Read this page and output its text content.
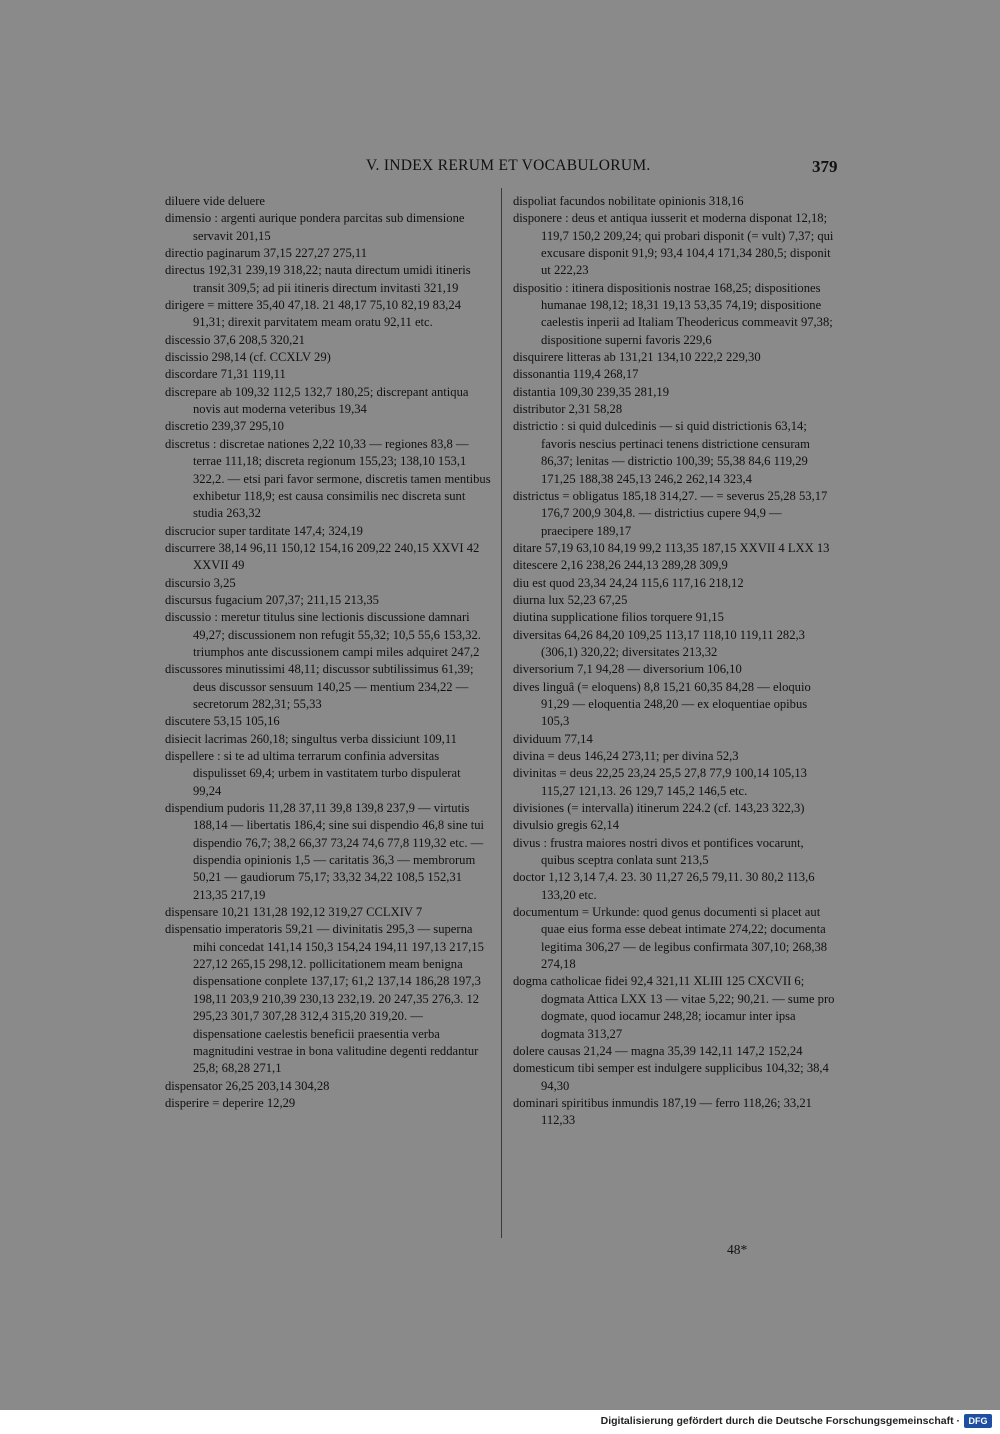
V. INDEX RERUM ET VOCABULORUM.	379
diluere vide deluere
dimensio : argenti aurique pondera parcitas sub dimensione servavit 201,15
directio paginarum 37,15 227,27 275,11
directus 192,31 239,19 318,22; nauta directum umidi itineris transit 309,5; ad pii itineris directum invitasti 321,19
dirigere = mittere 35,40 47,18. 21 48,17 75,10 82,19 83,24 91,31; direxit parvitatem meam oratu 92,11 etc.
discessio 37,6 208,5 320,21
discissio 298,14 (cf. CCXLV 29)
discordare 71,31 119,11
discrepare ab 109,32 112,5 132,7 180,25; discrepant antiqua novis aut moderna veteribus 19,34
discretio 239,37 295,10
discretus : discretae nationes 2,22 10,33 — regiones 83,8 — terrae 111,18; discreta regionum 155,23; 138,10 153,1 322,2. — etsi pari favor sermone, discretis tamen mentibus exhibetur 118,9; est causa consimilis nec discreta sunt studia 263,32
discrucior super tarditate 147,4; 324,19
discurrere 38,14 96,11 150,12 154,16 209,22 240,15 XXVI 42 XXVII 49
discursio 3,25
discursus fugacium 207,37; 211,15 213,35
discussio : meretur titulus sine lectionis discussione damnari 49,27; discussionem non refugit 55,32; 10,5 55,6 153,32. triumphos ante discussionem campi miles adquiret 247,2
discussores minutissimi 48,11; discussor subtilissimus 61,39; deus discussor sensuum 140,25 — mentium 234,22 — secretorum 282,31; 55,33
discutere 53,15 105,16
disiecit lacrimas 260,18; singultus verba dissiciunt 109,11
dispellere : si te ad ultima terrarum confinia adversitas dispulisset 69,4; urbem in vastitatem turbo dispulerat 99,24
dispendium pudoris 11,28 37,11 39,8 139,8 237,9 — virtutis 188,14 — libertatis 186,4; sine sui dispendio 46,8 sine tui dispendio 76,7; 38,2 66,37 73,24 74,6 77,8 119,32 etc. — dispendia opinionis 1,5 — caritatis 36,3 — membrorum 50,21 — gaudiorum 75,17; 33,32 34,22 108,5 152,31 213,35 217,19
dispensare 10,21 131,28 192,12 319,27 CCLXIV 7
dispensatio imperatoris 59,21 — divinitatis 295,3 — superna mihi concedat 141,14 150,3 154,24 194,11 197,13 217,15 227,12 265,15 298,12. pollicitationem meam benigna dispensatione conplete 137,17; 61,2 137,14 186,28 197,3 198,11 203,9 210,39 230,13 232,19. 20 247,35 276,3. 12 295,23 301,7 307,28 312,4 315,20 319,20. — dispensatione caelestis beneficii praesentia verba magnitudini vestrae in bona valitudine degenti reddantur 25,8; 68,28 271,1
dispensator 26,25 203,14 304,28
disperire = deperire 12,29
dispoliat facundos nobilitate opinionis 318,16
disponere : deus et antiqua iusserit et moderna disponat 12,18; 119,7 150,2 209,24; qui probari disponit (= vult) 7,37; qui excusare disponit 91,9; 93,4 104,4 171,34 280,5; disponit ut 222,23
dispositio : itinera dispositionis nostrae 168,25; dispositiones humanae 198,12; 18,31 19,13 53,35 74,19; dispositione caelestis inperii ad Italiam Theodericus commeavit 97,38; dispositione superni favoris 229,6
disquirere litteras ab 131,21 134,10 222,2 229,30
dissonantia 119,4 268,17
distantia 109,30 239,35 281,19
distributor 2,31 58,28
districtio : si quid dulcedinis — si quid districtionis 63,14; favoris nescius pertinaci tenens districtione censuram 86,37; lenitas — districtio 100,39; 55,38 84,6 119,29 171,25 188,38 245,13 246,2 262,14 323,4
districtus = obligatus 185,18 314,27. — = severus 25,28 53,17 176,7 200,9 304,8. — districtius cupere 94,9 — praecipere 189,17
ditare 57,19 63,10 84,19 99,2 113,35 187,15 XXVII 4 LXX 13
ditescere 2,16 238,26 244,13 289,28 309,9
diu est quod 23,34 24,24 115,6 117,16 218,12
diurna lux 52,23 67,25
diutina supplicatione filios torquere 91,15
diversitas 64,26 84,20 109,25 113,17 118,10 119,11 282,3 (306,1) 320,22; diversitates 213,32
diversorium 7,1 94,28 — diversorium 106,10
dives linguâ (= eloquens) 8,8 15,21 60,35 84,28 — eloquio 91,29 — eloquentia 248,20 — ex eloquentiae opibus 105,3
dividuum 77,14
divina = deus 146,24 273,11; per divina 52,3
divinitas = deus 22,25 23,24 25,5 27,8 77,9 100,14 105,13 115,27 121,13. 26 129,7 145,2 146,5 etc.
divisiones (= intervalla) itinerum 224.2 (cf. 143,23 322,3)
divulsio gregis 62,14
divus : frustra maiores nostri divos et pontifices vocarunt, quibus sceptra conlata sunt 213,5
doctor 1,12 3,14 7,4. 23. 30 11,27 26,5 79,11. 30 80,2 113,6 133,20 etc.
documentum = Urkunde: quod genus documenti si placet aut quae eius forma esse debeat intimate 274,22; documenta legitima 306,27 — de legibus confirmata 307,10; 268,38 274,18
dogma catholicae fidei 92,4 321,11 XLIII 125 CXCVII 6; dogmata Attica LXX 13 — vitae 5,22; 90,21. — sume pro dogmate, quod iocamur 248,28; iocamur inter ipsa dogmata 313,27
dolere causas 21,24 — magna 35,39 142,11 147,2 152,24
domesticum tibi semper est indulgere supplicibus 104,32; 38,4 94,30
dominari spiritibus inmundis 187,19 — ferro 118,26; 33,21 112,33
48*
Digitalisierung gefördert durch die Deutsche Forschungsgemeinschaft · DFG
